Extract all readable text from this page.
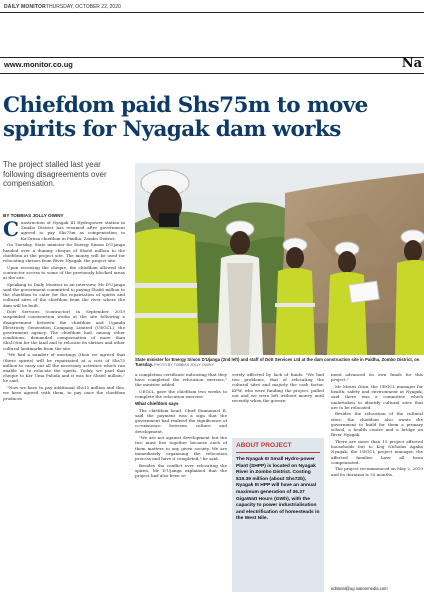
DAILY MONITOR THURSDAY, OCTOBER 22, 2020
www.monitor.co.ug	Na
Chiefdom paid Shs75m to move spirits for Nyagak dam works
The project stalled last year following disagreements over compensation.
BY TOBBIAS JOLLY OWINY

Construction of Nyagak III Hydropower station in Zombo District has resumed after government agreed to pay Shs75m as compensation to Ka'Ornsa chiefdom in Paidha, Zombo District.

On Tuesday, State minister for Energy Simon D'Ujanga handed over a dummy cheque of Shs66 million to the chiefdom at the project site. The money will be used for relocating shrines from River Nyagak, the project site.

Upon receiving the cheque, the chiefdom allowed the contractor access to some of the previously blocked areas at the site.

Speaking to Daily Monitor in an interview, Mr D'Ujanga said the government committed to paying Shs66 million to the chiefdom to cater for the repatriation of spirits and cultural sites of the chiefdom from the river where the dam will be built.

Dott Services (contractor) in September 2019 suspended construction works at the site following a disagreement between the chiefdom and Uganda Electricity Generation Company Limited (UEGCL), the government agency. The chiefdom had, among other conditions, demanded compensation of more than Shs100m for the land and to relocate its shrines and other cultural landmarks from the site.

"We had a number of meetings (then we agreed that (these spirits) will be repatriated at a cost of Shs75 million to carry out all the necessary activities which can enable us to relocate the spirits. Today, we paid that cheque to Ker Uma Paluda and it was for Shs66 million," he said.

"Now we have to pay additional Shs15 million and this, we have agreed with them, to pay once the chiefdom produces

State minister for Energy Simon D'Ujanga (2nd left) and staff of Dott Services Ltd at the dam construction site in Paidha, Zombo District, on Tuesday. PHOTO BY TOBBIAS JOLLY OWINY

a completion certificate indicating that they have completed the relocation exercise," the minister added.

UEGCL gave the chiefdom two weeks to complete the relocation exercise.

What chiefdom says

The chiefdom head, Chief Emmanuel R, said the payment was a sign that the government had realised the significance of co-existence between culture and development.

"We are not against development but the two must live together because each of them matters to any given society. We are immediately organising the relocation process and have it completed," he said.

Besides the conflict over relocating the spirits, Mr D'Ujanga explained that the project had also been se-

verely affected by lack of funds. "We had two problems, that of relocating the cultural sites and majorly the cash factor. KFW, who were funding the project, pulled out and we were left without money until recently when the govern-

ABOUT PROJECT
The Nyagak III Small Hydro-power Plant (SHPP) is located on Nyagak River in Zombo District. Costing $19.39 million (about Shs72b), Nyagak III HPP will have an annual maximum generation of 36.27 GigaWatt Hours (GWh), with the capacity to power industrialisation and electrification of homesteads in the West Nile.

ment advanced its own funds for this project."

Mr Moses Otim, the UEGCL manager for health, safety and environment at Nyagak, said there was a committee which undertaken to identify cultural sites that are to be relocated.

Besides the relocation of the cultural sites, the chiefdom also wants the government to build for them a primary school, a health centre and a bridge on River Nyagak.

There are more than 15 project affected households but to Kog Nicholas Agaba Nyagak, the UEGCL project manager, the affected families have all been compensated.

The project recommenced on May 2, 2019 and its duration is 33 months.

editorial@ug.nationmedia.com
